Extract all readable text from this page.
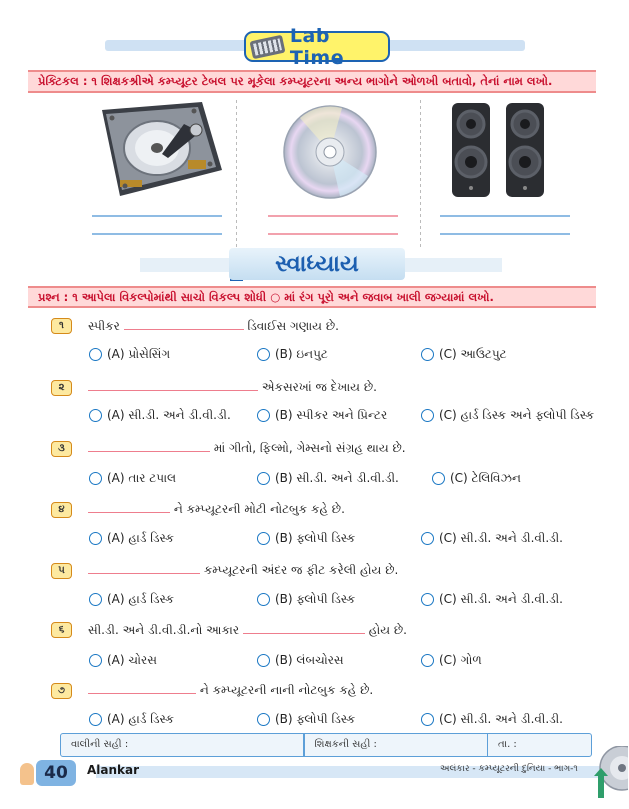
Lab Time
પ્રેક્ટિકલ : ૧ શિક્ષકશ્રીએ કમ્પ્યૂટર ટેબલ પર મૂકેલા કમ્પ્યૂટરના અન્ય ભાગોને ઓળખી બતાવો, તેનાં નામ લખો.
સ્વાધ્યાય
પ્રશ્ન : ૧ આપેલા વિકલ્પોમાંથી સાચો વિકલ્પ શોધી ○ માં રંગ પૂરો અને જવાબ ખાલી જગ્યામાં લખો.
૧	સ્પીકર	ડિવાઈસ ગણાય છે.
(A) પ્રોસેસિંગ	(B) ઇનપુટ	(C) આઉટપુટ
૨	એકસરખાં જ દેખાય છે.
(A) સી.ડી. અને ડી.વી.ડી.	(B) સ્પીકર અને પ્રિન્ટર	(C) હાર્ડ ડિસ્ક અને ફ્લોપી ડિસ્ક
૩	માં ગીતો, ફિલ્મો, ગેમ્સનો સંગ્રહ થાય છે.
(A) તાર ટપાલ	(B) સી.ડી. અને ડી.વી.ડી.	(C) ટેલિવિઝન
૪	ને કમ્પ્યૂટરની મોટી નોટબુક કહે છે.
(A) હાર્ડ ડિસ્ક	(B) ફ્લોપી ડિસ્ક	(C) સી.ડી. અને ડી.વી.ડી.
૫	કમ્પ્યૂટરની અંદર જ ફીટ કરેલી હોય છે.
(A) હાર્ડ ડિસ્ક	(B) ફ્લોપી ડિસ્ક	(C) સી.ડી. અને ડી.વી.ડી.
૬	સી.ડી. અને ડી.વી.ડી.નો આકાર	હોય છે.
(A) ચોરસ	(B) લંબચોરસ	(C) ગોળ
૭	ને કમ્પ્યૂટરની નાની નોટબુક કહે છે.
(A) હાર્ડ ડિસ્ક	(B) ફ્લોપી ડિસ્ક	(C) સી.ડી. અને ડી.વી.ડી.
વાલીની સહી :	શિક્ષકની સહી :	તા. :
40	Alankar	અલંકાર - કમ્પ્યૂટરની દુનિયા - ભાગ-૧
